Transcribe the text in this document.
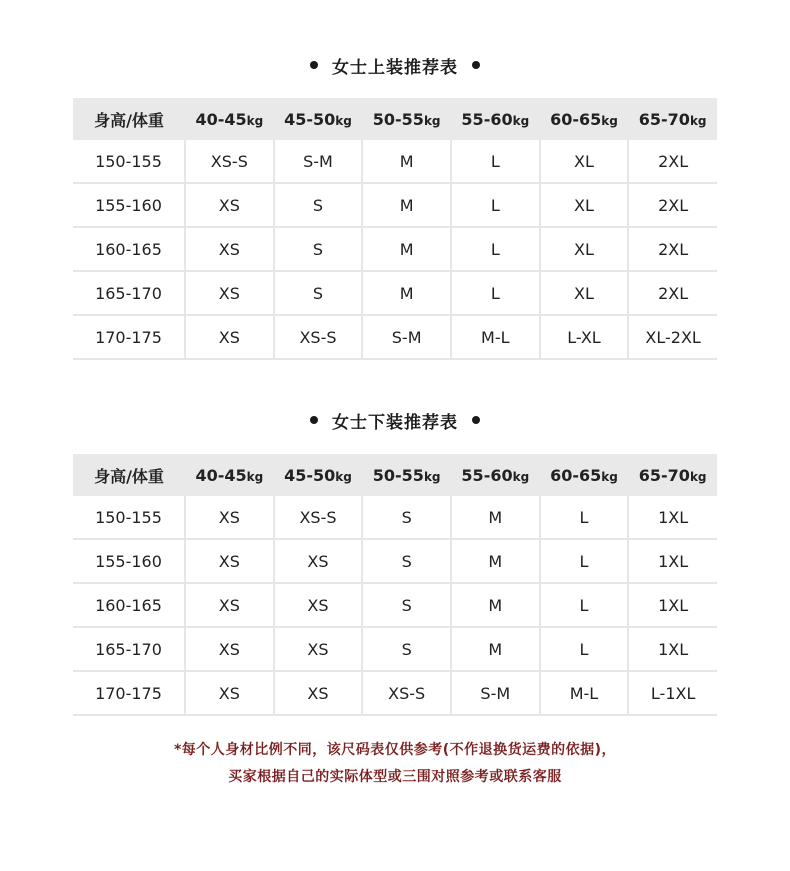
女士上装推荐表
身高/体重	40-45kg	45-50kg	50-55kg	55-60kg	60-65kg	65-70kg
150-155	XS-S	S-M	M	L	XL	2XL
155-160	XS	S	M	L	XL	2XL
160-165	XS	S	M	L	XL	2XL
165-170	XS	S	M	L	XL	2XL
170-175	XS	XS-S	S-M	M-L	L-XL	XL-2XL
女士下装推荐表
身高/体重	40-45kg	45-50kg	50-55kg	55-60kg	60-65kg	65-70kg
150-155	XS	XS-S	S	M	L	1XL
155-160	XS	XS	S	M	L	1XL
160-165	XS	XS	S	M	L	1XL
165-170	XS	XS	S	M	L	1XL
170-175	XS	XS	XS-S	S-M	M-L	L-1XL
*每个人身材比例不同，该尺码表仅供参考(不作退换货运费的依据)，
买家根据自己的实际体型或三围对照参考或联系客服
